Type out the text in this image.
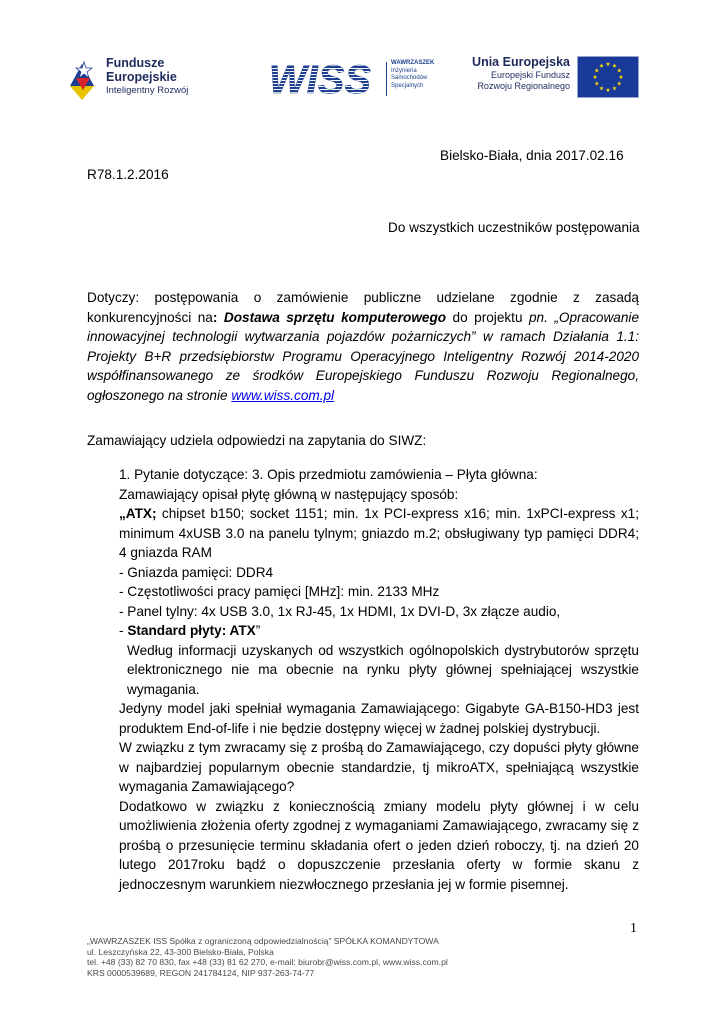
Fundusze
Europejskie
Inteligentny Rozwój WISS	WAWRZASZEK
Inżynieria
Samochodów
Specjalnych
Unia Europejska
Europejski Fundusz
Rozwoju Regionalnego
Bielsko-Biała, dnia 2017.02.16
R78.1.2.2016
Do wszystkich uczestników postępowania
Dotyczy: postępowania o zamówienie publiczne udzielane zgodnie z zasadą konkurencyjności na: Dostawa sprzętu komputerowego do projektu pn. „Opracowanie innowacyjnej technologii wytwarzania pojazdów pożarniczych” w ramach Działania 1.1: Projekty B+R przedsiębiorstw Programu Operacyjnego Inteligentny Rozwój 2014-2020 współfinansowanego ze środków Europejskiego Funduszu Rozwoju Regionalnego, ogłoszonego na stronie www.wiss.com.pl
Zamawiający udziela odpowiedzi na zapytania do SIWZ:

1. Pytanie dotyczące: 3. Opis przedmiotu zamówienia – Płyta główna:

Zamawiający opisał płytę główną w następujący sposób:

„ATX; chipset b150; socket 1151; min. 1x PCI-express x16; min. 1xPCI-express x1; minimum 4xUSB 3.0 na panelu tylnym; gniazdo m.2; obsługiwany typ pamięci DDR4; 4 gniazda RAM

- Gniazda pamięci: DDR4

- Częstotliwości pracy pamięci [MHz]: min. 2133 MHz

- Panel tylny: 4x USB 3.0, 1x RJ-45, 1x HDMI, 1x DVI-D, 3x złącze audio,

- Standard płyty: ATX”

Według informacji uzyskanych od wszystkich ogólnopolskich dystrybutorów sprzętu elektronicznego nie ma obecnie na rynku płyty głównej spełniającej wszystkie wymagania.

Jedyny model jaki spełniał wymagania Zamawiającego: Gigabyte GA-B150-HD3 jest produktem End-of-life i nie będzie dostępny więcej w żadnej polskiej dystrybucji.

W związku z tym zwracamy się z prośbą do Zamawiającego, czy dopuści płyty główne w najbardziej popularnym obecnie standardzie, tj mikroATX, spełniającą wszystkie wymagania Zamawiającego?

Dodatkowo w związku z koniecznością zmiany modelu płyty głównej i w celu umożliwienia złożenia oferty zgodnej z wymaganiami Zamawiającego, zwracamy się z prośbą o przesunięcie terminu składania ofert o jeden dzień roboczy, tj. na dzień 20 lutego 2017roku bądź o dopuszczenie przesłania oferty w formie skanu z jednoczesnym warunkiem niezwłocznego przesłania jej w formie pisemnej.

1
„WAWRZASZEK ISS Spółka z ograniczoną odpowiedzialnością” SPÓŁKA KOMANDYTOWA
ul. Leszczyńska 22, 43-300 Bielsko-Biała, Polska
tel. +48 (33) 82 70 830, fax +48 (33) 81 62 270, e-mail: biurobr@wiss.com.pl, www.wiss.com.pl
KRS 0000539689, REGON 241784124, NIP 937-263-74-77
